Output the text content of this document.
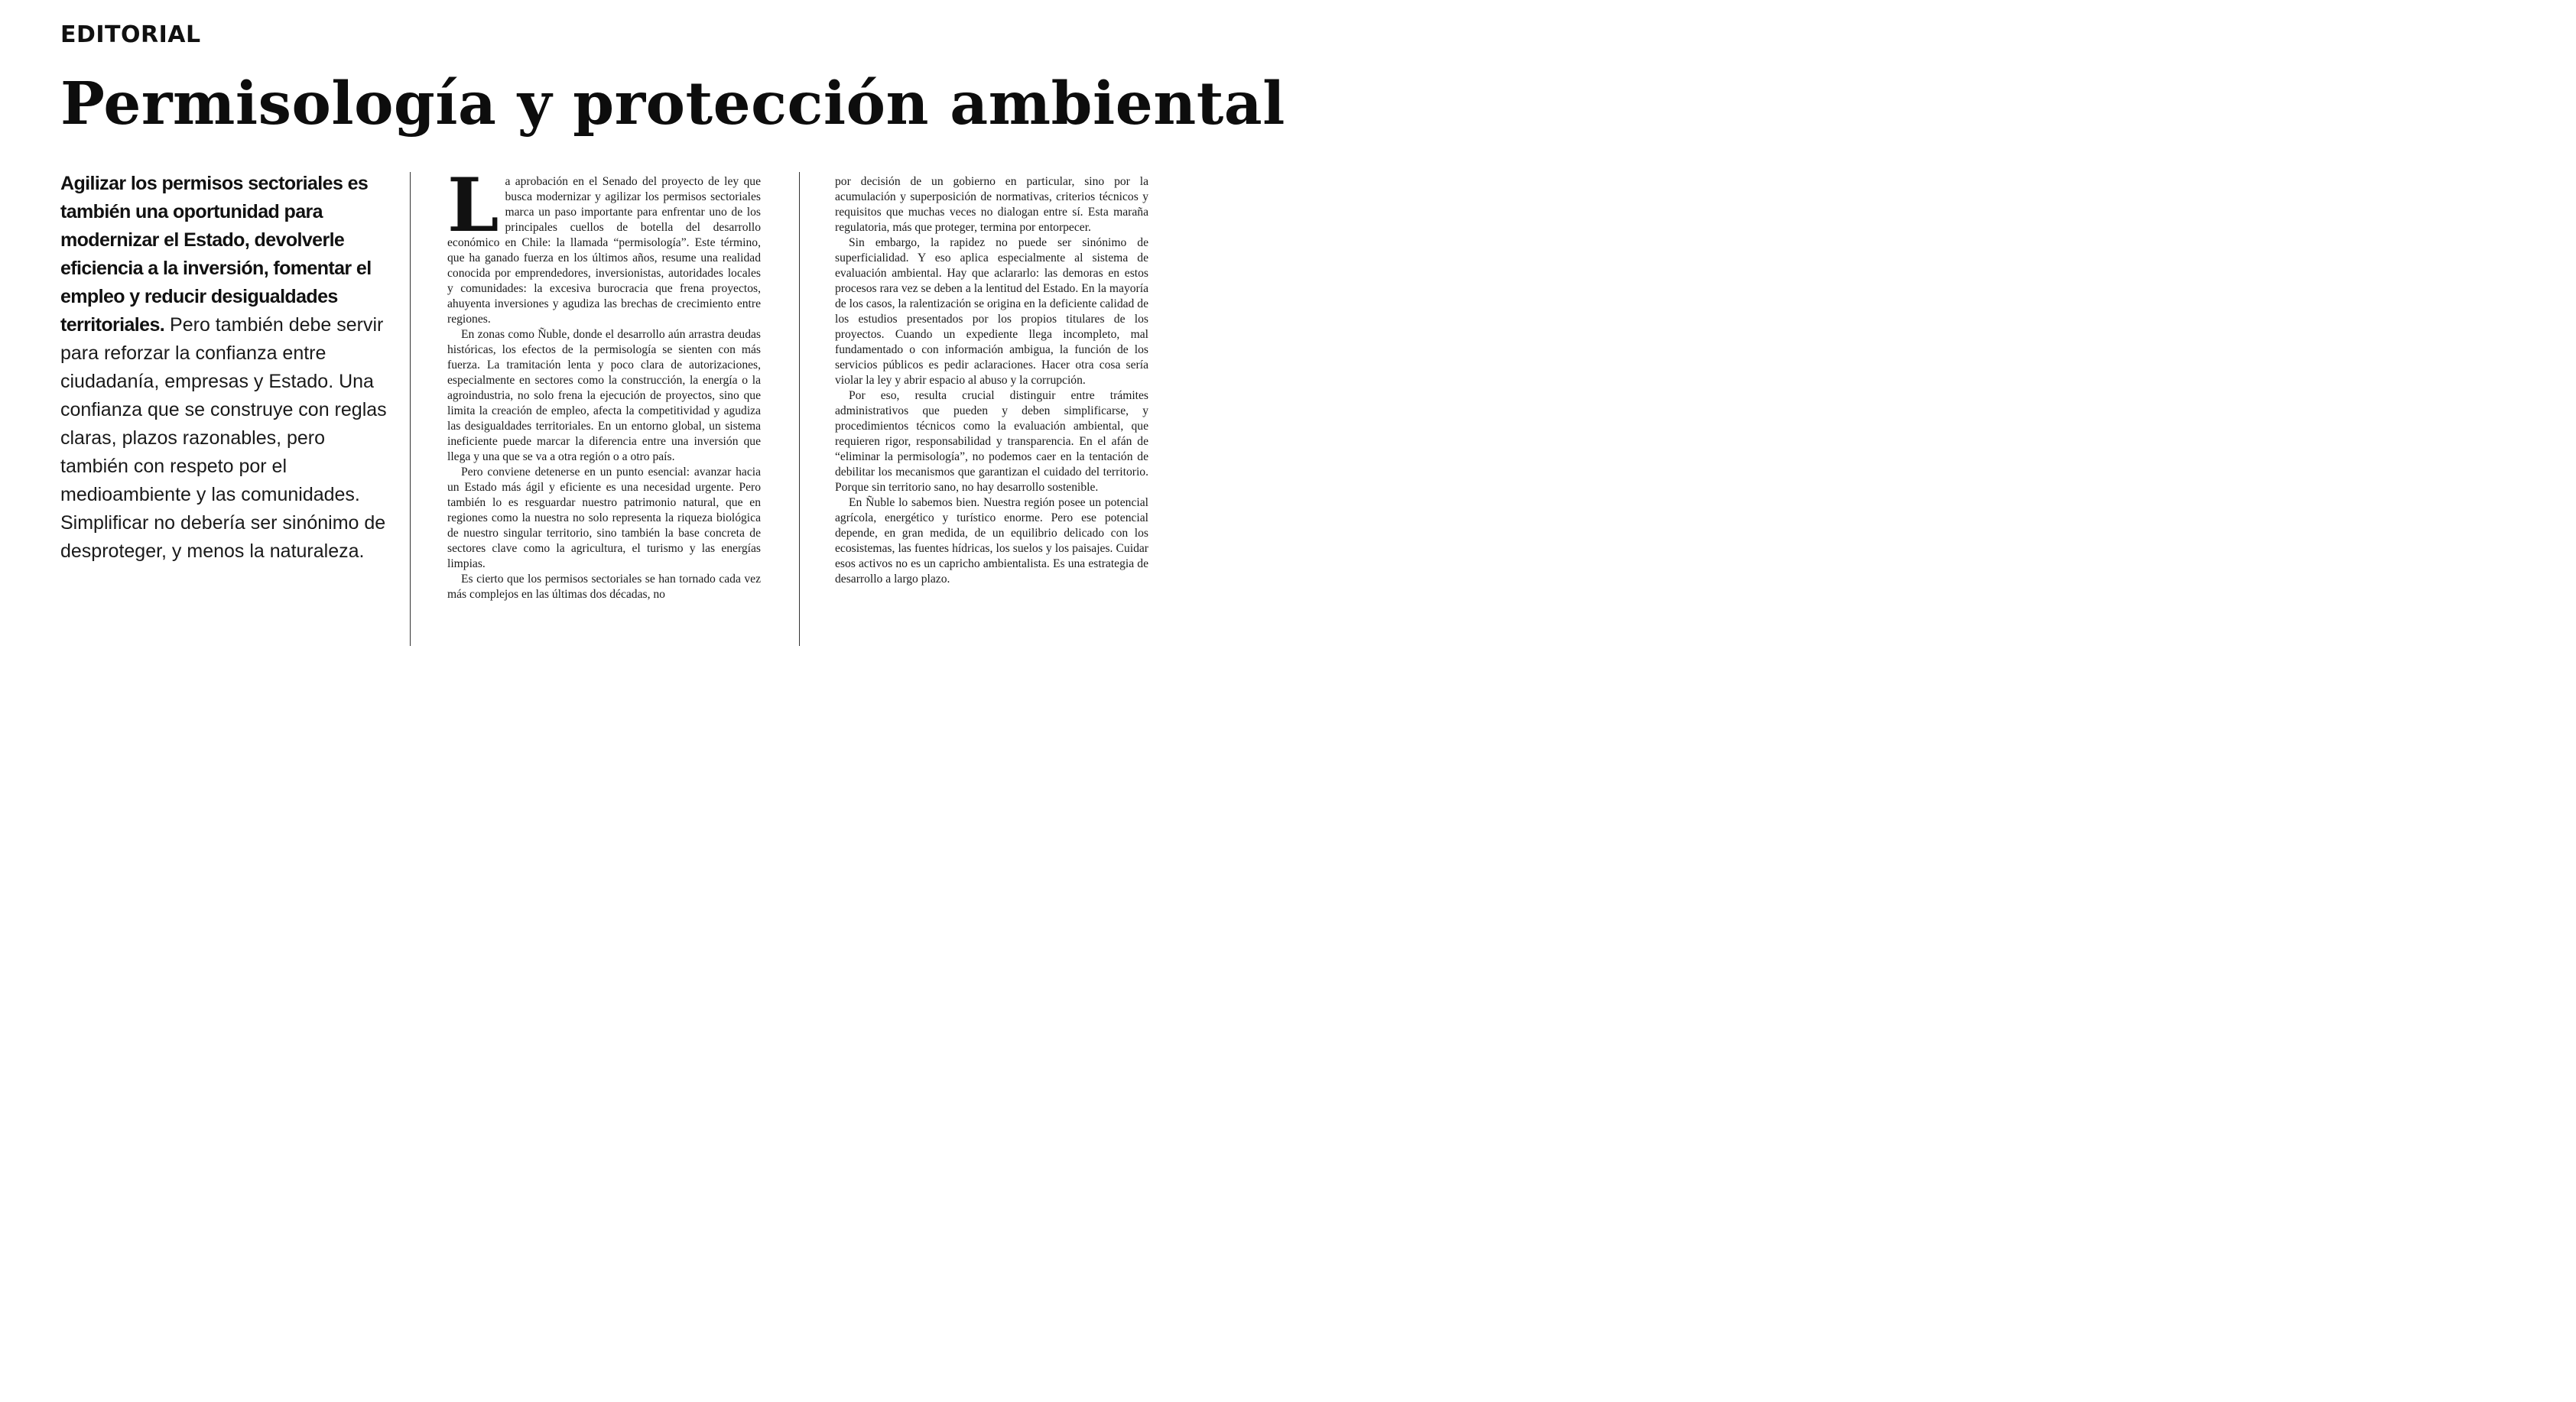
EDITORIAL
Permisología y protección ambiental
Agilizar los permisos sectoriales es también una oportunidad para modernizar el Estado, devolverle eficiencia a la inversión, fomentar el empleo y reducir desigualdades territoriales. Pero también debe servir para reforzar la confianza entre ciudadanía, empresas y Estado. Una confianza que se construye con reglas claras, plazos razonables, pero también con respeto por el medioambiente y las comunidades. Simplificar no debería ser sinónimo de desproteger, y menos la naturaleza.

La aprobación en el Senado del proyecto de ley que busca modernizar y agilizar los permisos sectoriales marca un paso importante para enfrentar uno de los principales cuellos de botella del desarrollo económico en Chile: la llamada “permisología”. Este término, que ha ganado fuerza en los últimos años, resume una realidad conocida por emprendedores, inversionistas, autoridades locales y comunidades: la excesiva burocracia que frena proyectos, ahuyenta inversiones y agudiza las brechas de crecimiento entre regiones.

En zonas como Ñuble, donde el desarrollo aún arrastra deudas históricas, los efectos de la permisología se sienten con más fuerza. La tramitación lenta y poco clara de autorizaciones, especialmente en sectores como la construcción, la energía o la agroindustria, no solo frena la ejecución de proyectos, sino que limita la creación de empleo, afecta la competitividad y agudiza las desigualdades territoriales. En un entorno global, un sistema ineficiente puede marcar la diferencia entre una inversión que llega y una que se va a otra región o a otro país.

Pero conviene detenerse en un punto esencial: avanzar hacia un Estado más ágil y eficiente es una necesidad urgente. Pero también lo es resguardar nuestro patrimonio natural, que en regiones como la nuestra no solo representa la riqueza biológica de nuestro singular territorio, sino también la base concreta de sectores clave como la agricultura, el turismo y las energías limpias.

Es cierto que los permisos sectoriales se han tornado cada vez más complejos en las últimas dos décadas, no

por decisión de un gobierno en particular, sino por la acumulación y superposición de normativas, criterios técnicos y requisitos que muchas veces no dialogan entre sí. Esta maraña regulatoria, más que proteger, termina por entorpecer.

Sin embargo, la rapidez no puede ser sinónimo de superficialidad. Y eso aplica especialmente al sistema de evaluación ambiental. Hay que aclararlo: las demoras en estos procesos rara vez se deben a la lentitud del Estado. En la mayoría de los casos, la ralentización se origina en la deficiente calidad de los estudios presentados por los propios titulares de los proyectos. Cuando un expediente llega incompleto, mal fundamentado o con información ambigua, la función de los servicios públicos es pedir aclaraciones. Hacer otra cosa sería violar la ley y abrir espacio al abuso y la corrupción.

Por eso, resulta crucial distinguir entre trámites administrativos que pueden y deben simplificarse, y procedimientos técnicos como la evaluación ambiental, que requieren rigor, responsabilidad y transparencia. En el afán de “eliminar la permisología”, no podemos caer en la tentación de debilitar los mecanismos que garantizan el cuidado del territorio. Porque sin territorio sano, no hay desarrollo sostenible.

En Ñuble lo sabemos bien. Nuestra región posee un potencial agrícola, energético y turístico enorme. Pero ese potencial depende, en gran medida, de un equilibrio delicado con los ecosistemas, las fuentes hídricas, los suelos y los paisajes. Cuidar esos activos no es un capricho ambientalista. Es una estrategia de desarrollo a largo plazo.
